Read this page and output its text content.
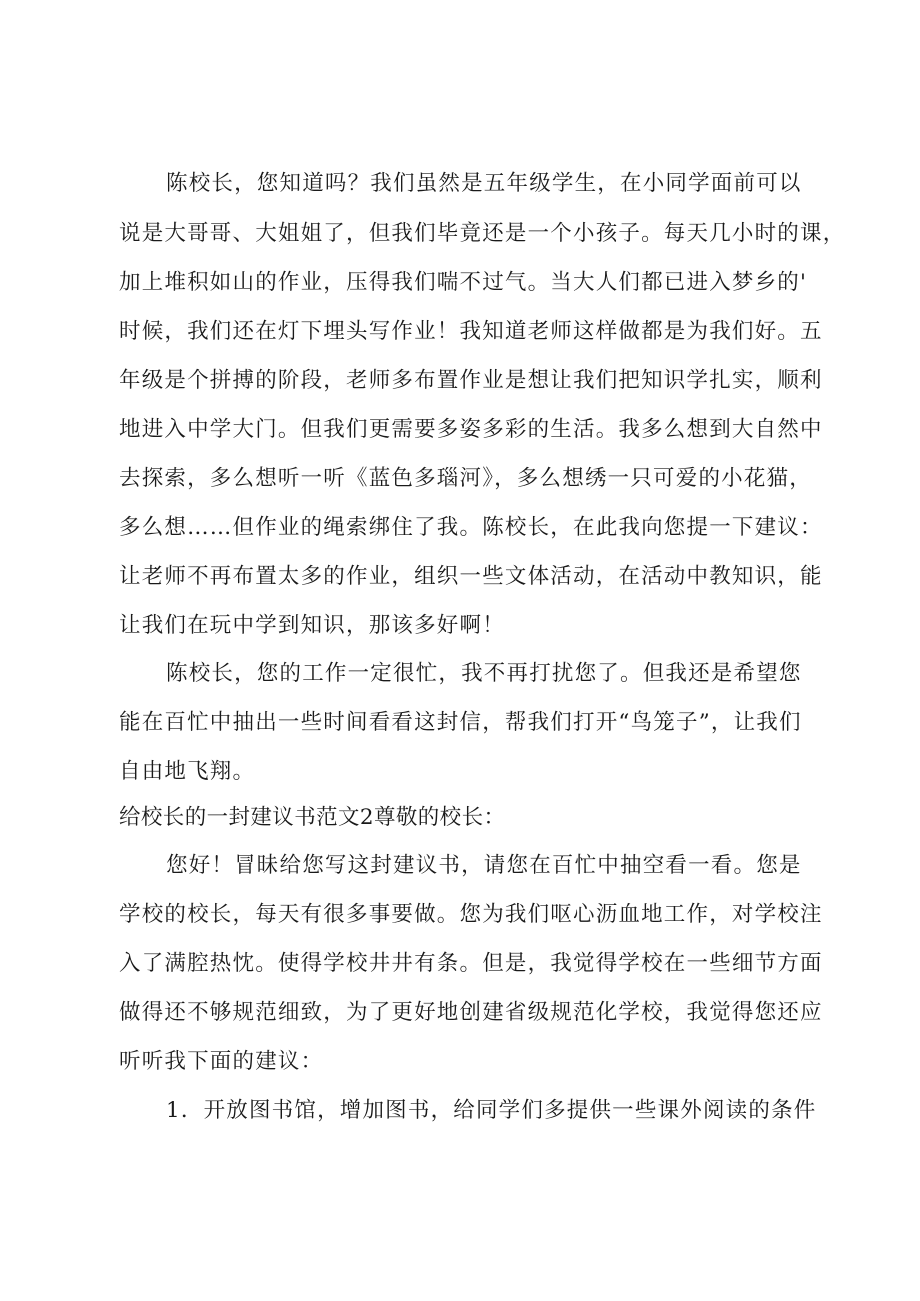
陈校长，您知道吗？我们虽然是五年级学生，在小同学面前可以
说是大哥哥、大姐姐了，但我们毕竟还是一个小孩子。每天几小时的课，
加上堆积如山的作业，压得我们喘不过气。当大人们都已进入梦乡的'
时候，我们还在灯下埋头写作业！我知道老师这样做都是为我们好。五
年级是个拼搏的阶段，老师多布置作业是想让我们把知识学扎实，顺利
地进入中学大门。但我们更需要多姿多彩的生活。我多么想到大自然中
去探索，多么想听一听《蓝色多瑙河》，多么想绣一只可爱的小花猫，
多么想……但作业的绳索绑住了我。陈校长，在此我向您提一下建议：
让老师不再布置太多的作业，组织一些文体活动，在活动中教知识，能
让我们在玩中学到知识，那该多好啊！
陈校长，您的工作一定很忙，我不再打扰您了。但我还是希望您
能在百忙中抽出一些时间看看这封信，帮我们打开“鸟笼子”，让我们
自由地飞翔。
给校长的一封建议书范文2尊敬的校长：
您好！冒昧给您写这封建议书，请您在百忙中抽空看一看。您是
学校的校长，每天有很多事要做。您为我们呕心沥血地工作，对学校注
入了满腔热忱。使得学校井井有条。但是，我觉得学校在一些细节方面
做得还不够规范细致，为了更好地创建省级规范化学校，我觉得您还应
听听我下面的建议：
1．开放图书馆，增加图书，给同学们多提供一些课外阅读的条件
